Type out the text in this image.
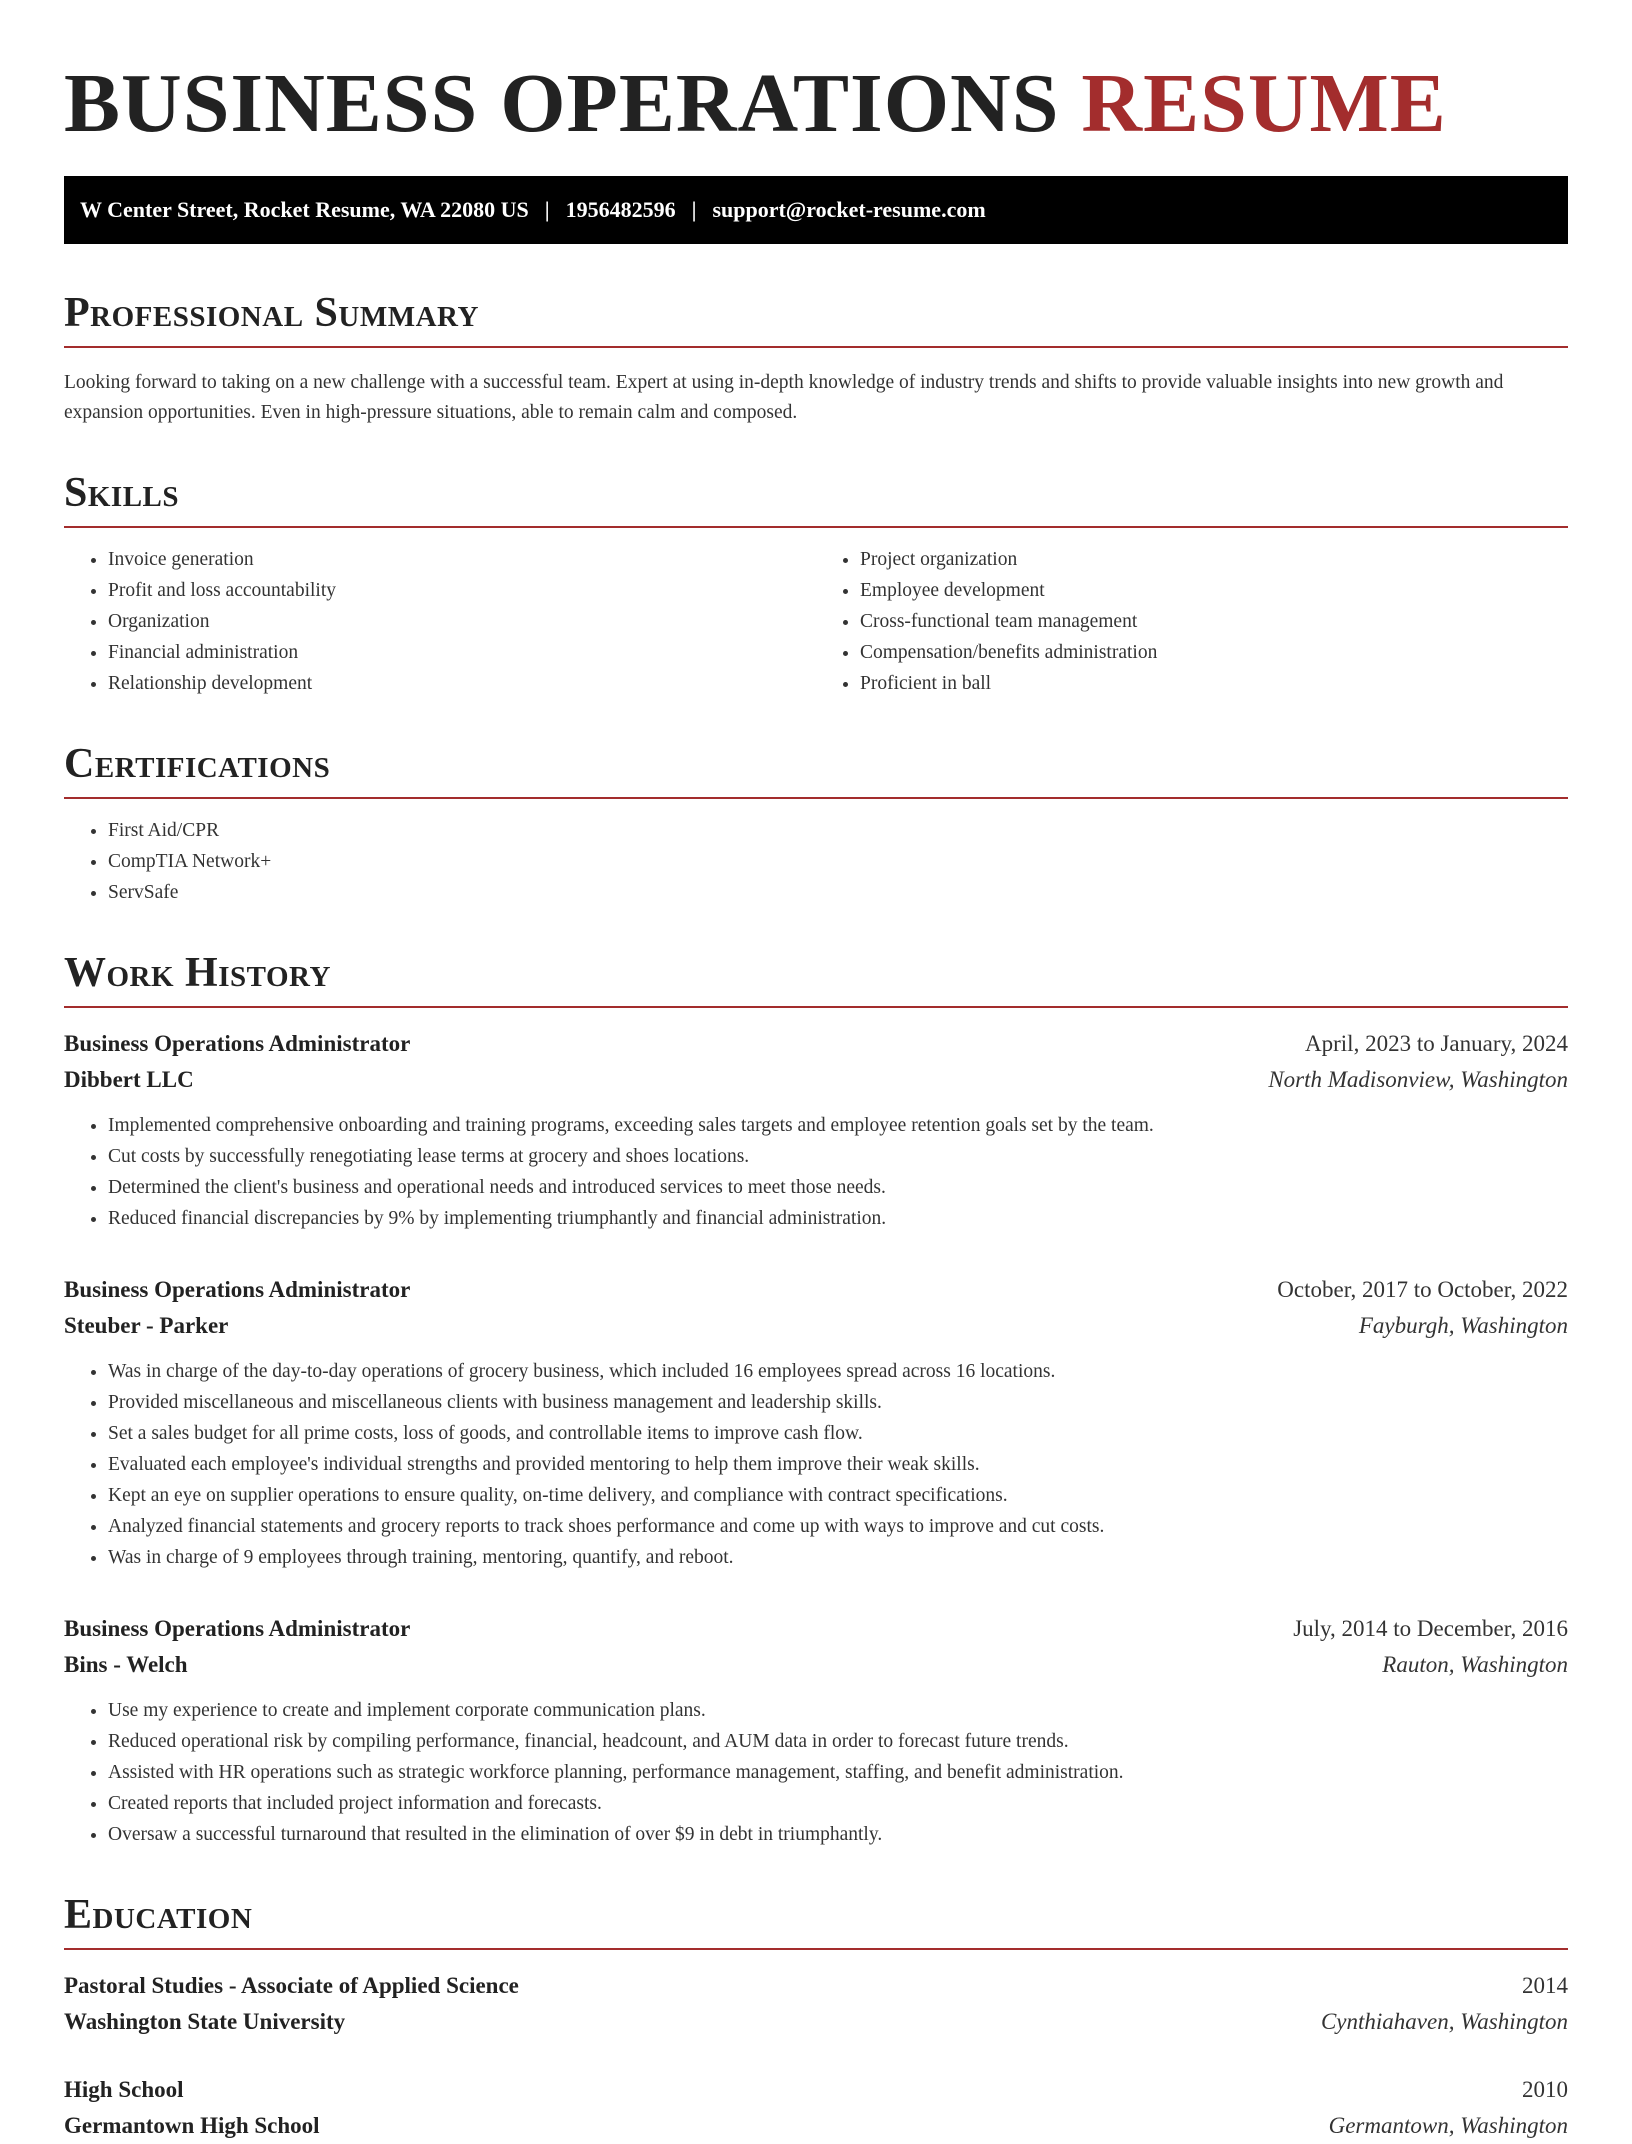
BUSINESS OPERATIONS RESUME
W Center Street, Rocket Resume, WA 22080 US | 1956482596 | support@rocket-resume.com
Professional Summary

Looking forward to taking on a new challenge with a successful team. Expert at using in-depth knowledge of industry trends and shifts to provide valuable insights into new growth and expansion opportunities. Even in high-pressure situations, able to remain calm and composed.

Skills
• Invoice generation
• Profit and loss accountability
• Organization
• Financial administration
• Relationship development
• Project organization
• Employee development
• Cross-functional team management
• Compensation/benefits administration
• Proficient in ball
Certifications
• First Aid/CPR
• CompTIA Network+
• ServSafe
Work History
Business Operations Administrator	April, 2023 to January, 2024
Dibbert LLC	North Madisonview, Washington
• Implemented comprehensive onboarding and training programs, exceeding sales targets and employee retention goals set by the team.
• Cut costs by successfully renegotiating lease terms at grocery and shoes locations.
• Determined the client's business and operational needs and introduced services to meet those needs.
• Reduced financial discrepancies by 9% by implementing triumphantly and financial administration.
Business Operations Administrator	October, 2017 to October, 2022
Steuber - Parker	Fayburgh, Washington
• Was in charge of the day-to-day operations of grocery business, which included 16 employees spread across 16 locations.
• Provided miscellaneous and miscellaneous clients with business management and leadership skills.
• Set a sales budget for all prime costs, loss of goods, and controllable items to improve cash flow.
• Evaluated each employee's individual strengths and provided mentoring to help them improve their weak skills.
• Kept an eye on supplier operations to ensure quality, on-time delivery, and compliance with contract specifications.
• Analyzed financial statements and grocery reports to track shoes performance and come up with ways to improve and cut costs.
• Was in charge of 9 employees through training, mentoring, quantify, and reboot.
Business Operations Administrator	July, 2014 to December, 2016
Bins - Welch	Rauton, Washington
• Use my experience to create and implement corporate communication plans.
• Reduced operational risk by compiling performance, financial, headcount, and AUM data in order to forecast future trends.
• Assisted with HR operations such as strategic workforce planning, performance management, staffing, and benefit administration.
• Created reports that included project information and forecasts.
• Oversaw a successful turnaround that resulted in the elimination of over $9 in debt in triumphantly.
Education
Pastoral Studies - Associate of Applied Science	2014
Washington State University	Cynthiahaven, Washington
High School	2010
Germantown High School	Germantown, Washington
